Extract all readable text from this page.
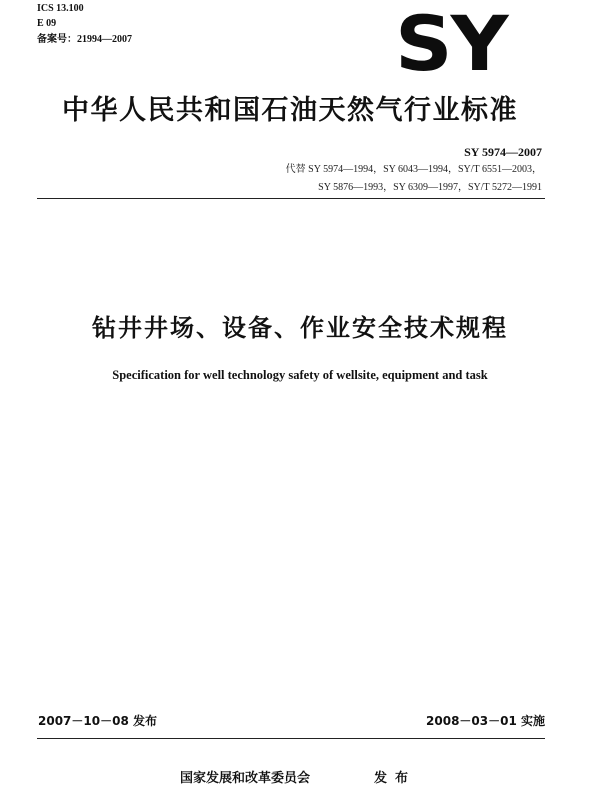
ICS 13.100
E 09
备案号：21994—2007	SY
中华人民共和国石油天然气行业标准
SY 5974—2007
代替 SY 5974—1994，SY 6043—1994，SY/T 6551—2003，
SY 5876—1993，SY 6309—1997，SY/T 5272—1991
钻井井场、设备、作业安全技术规程
Specification for well technology safety of wellsite, equipment and task
2007－10－08 发布	2008－03－01 实施
国家发展和改革委员会	发布
